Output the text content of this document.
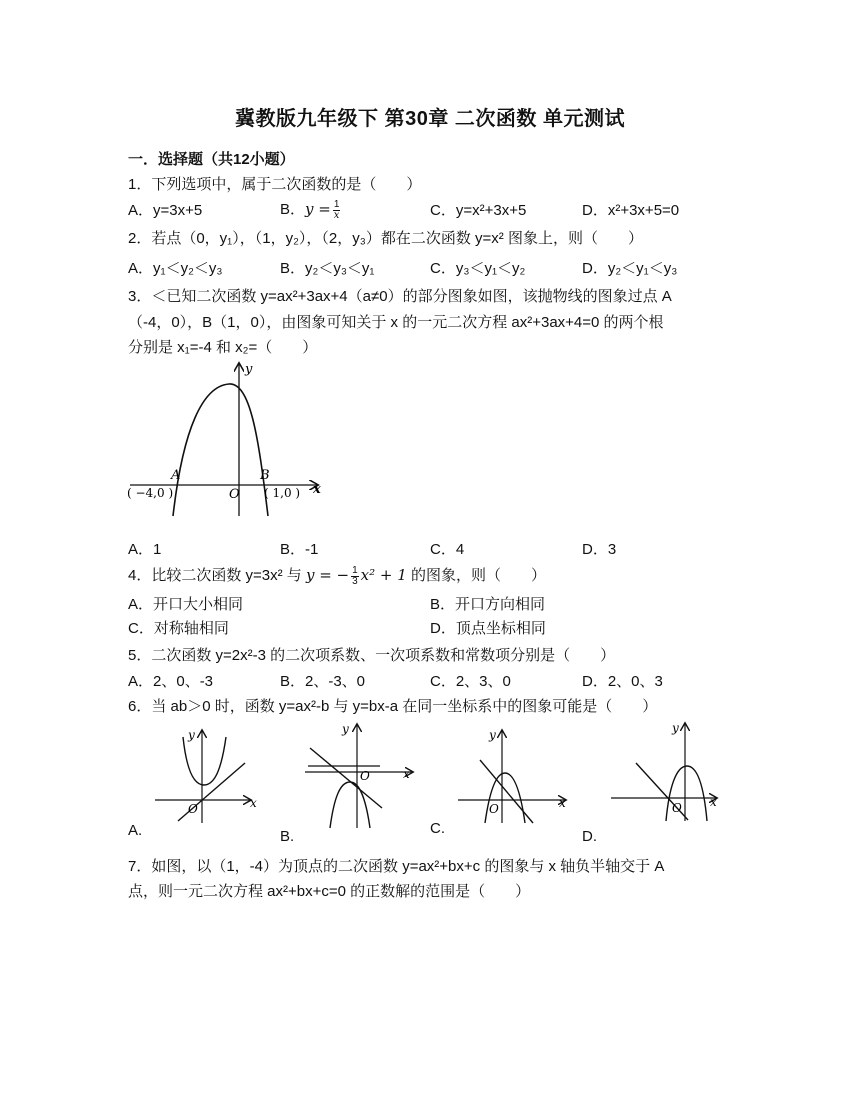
冀教版九年级下 第30章 二次函数 单元测试
一．选择题（共12小题）
1．下列选项中，属于二次函数的是（　　）
A．y=3x+5	B．$y = \frac{1}{x}$	C．y=x²+3x+5	D．x²+3x+5=0
2．若点（0，y₁），（1，y₂），（2，y₃）都在二次函数 y=x² 图象上，则（　　）
A．y₁＜y₂＜y₃	B．y₂＜y₃＜y₁	C．y₃＜y₁＜y₂	D．y₂＜y₁＜y₃
3．＜已知二次函数 y=ax²+3ax+4（a≠0）的部分图象如图，该抛物线的图象过点 A
（-4，0），B（1，0），由图象可知关于 x 的一元二次方程 ax²+3ax+4=0 的两个根
分别是 x₁=-4 和 x₂=（　　）
y
x
A	B
O
( −4,0 )	( 1,0 )
A．1	B．-1	C．4	D．3
4．比较二次函数 y=3x² 与 y = − $\frac{1}{3} x^2 + 1$ 的图象，则（　　）
A．开口大小相同	B．开口方向相同
C．对称轴相同	D．顶点坐标相同
5．二次函数 y=2x²-3 的二次项系数、一次项系数和常数项分别是（　　）
A．2、0、-3	B．2、-3、0	C．2、3、0	D．2、0、3
6．当 ab＞0 时，函数 y=ax²-b 与 y=bx-a 在同一坐标系中的图象可能是（　　）
y
x
O
A.
y
x
O
B.
y
x
O
C.
y
x
O
D.
7．如图，以（1，-4）为顶点的二次函数 y=ax²+bx+c 的图象与 x 轴负半轴交于 A
点，则一元二次方程 ax²+bx+c=0 的正数解的范围是（　　）
